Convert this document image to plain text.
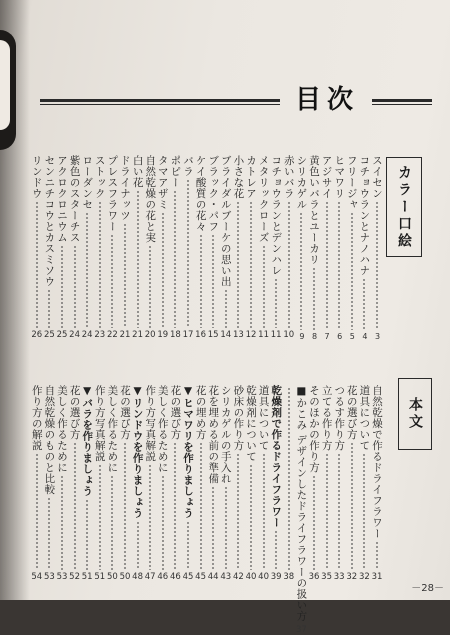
目次
カラー口絵
本文
スイセン
3
コチョウランとナノハナ
4
フリージャ
5
ヒマワリ
6
アジサイ
7
黄色いバラとユーカリ
8
シリカゲル
9
赤いバラ
10
コチョウランとデンハレ
11
メタリックローズ
11
カトレア
12
小さな花
13
ブライダルブーケの思い出
14
ブラック・パフ
15
ケイ酸質の花々
16
バラ
17
ポピー
18
タマアザミ
19
自然乾燥の花と実
20
白い花
21
ドライナッツ
21
プレスフラワー
22
ストック
23
ローダンセ
24
紫色のスターチス
24
アクロクロニウム
25
センニチコウとカスミソウ
25
リンドウ
26
自然乾燥で作るドライフラワー
31
道具について
32
花の選び方
32
つるす作り方
33
立てる作り方
35
そのほかの作り方
36
■かこみ デザインしたドライフラワーの扱い方
37
38
乾燥剤で作るドライフラワー
39
道具について
40
乾燥剤について
40
砂床の作り方
42
シリカゲルの手入れ
43
花を埋める前の準備
44
花の埋め方
45
▼ヒマワリを作りましょう
45
花の選び方
46
美しく作るために
46
作り方写真解説
47
▼リンドウを作りましょう
48
花の選び方
50
美しく作るために
50
作り方写真解説
51
▼バラを作りましょう
51
花の選び方
52
美しく作るために
53
自然乾燥のものと比較
53
作り方の解説
54
－28－
